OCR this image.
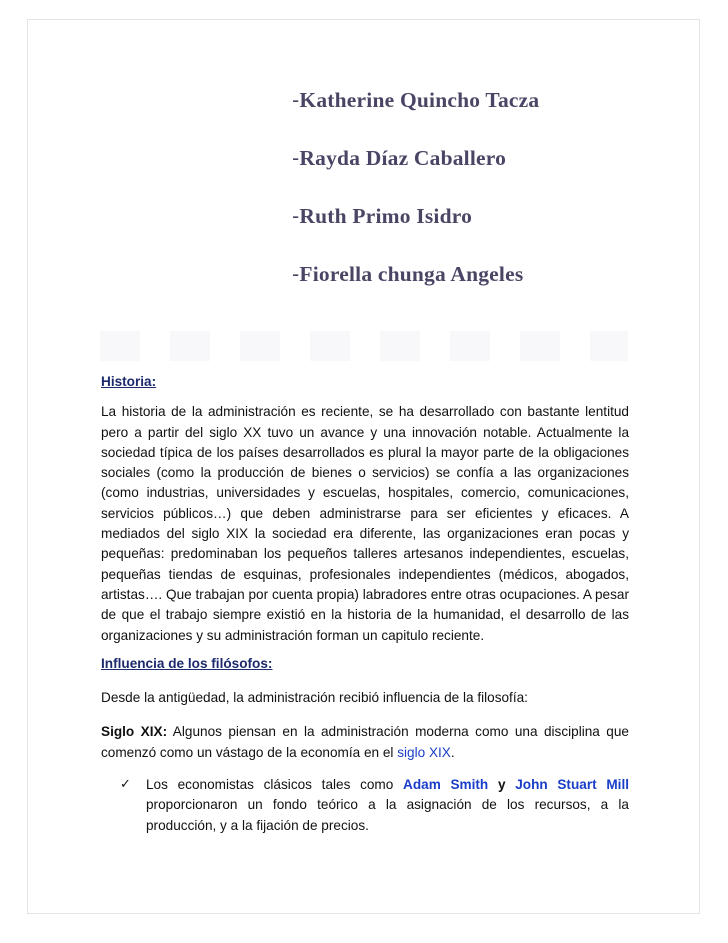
-Katherine Quincho Tacza
-Rayda Díaz Caballero
-Ruth Primo Isidro
-Fiorella chunga Angeles
Historia:

La historia de la administración es reciente, se ha desarrollado con bastante lentitud pero a partir del siglo XX tuvo un avance y una innovación notable. Actualmente la sociedad típica de los países desarrollados es plural la mayor parte de la obligaciones sociales (como la producción de bienes o servicios) se confía a las organizaciones (como industrias, universidades y escuelas, hospitales, comercio, comunicaciones, servicios públicos…) que deben administrarse para ser eficientes y eficaces. A mediados del siglo XIX la sociedad era diferente, las organizaciones eran pocas y pequeñas: predominaban los pequeños talleres artesanos independientes, escuelas, pequeñas tiendas de esquinas, profesionales independientes (médicos, abogados, artistas…. Que trabajan por cuenta propia) labradores entre otras ocupaciones. A pesar de que el trabajo siempre existió en la historia de la humanidad, el desarrollo de las organizaciones y su administración forman un capitulo reciente.

Influencia de los filósofos:

Desde la antigüedad, la administración recibió influencia de la filosofía:

Siglo XIX: Algunos piensan en la administración moderna como una disciplina que comenzó como un vástago de la economía en el siglo XIX.

✓ Los economistas clásicos tales como Adam Smith y John Stuart Mill proporcionaron un fondo teórico a la asignación de los recursos, a la producción, y a la fijación de precios.
